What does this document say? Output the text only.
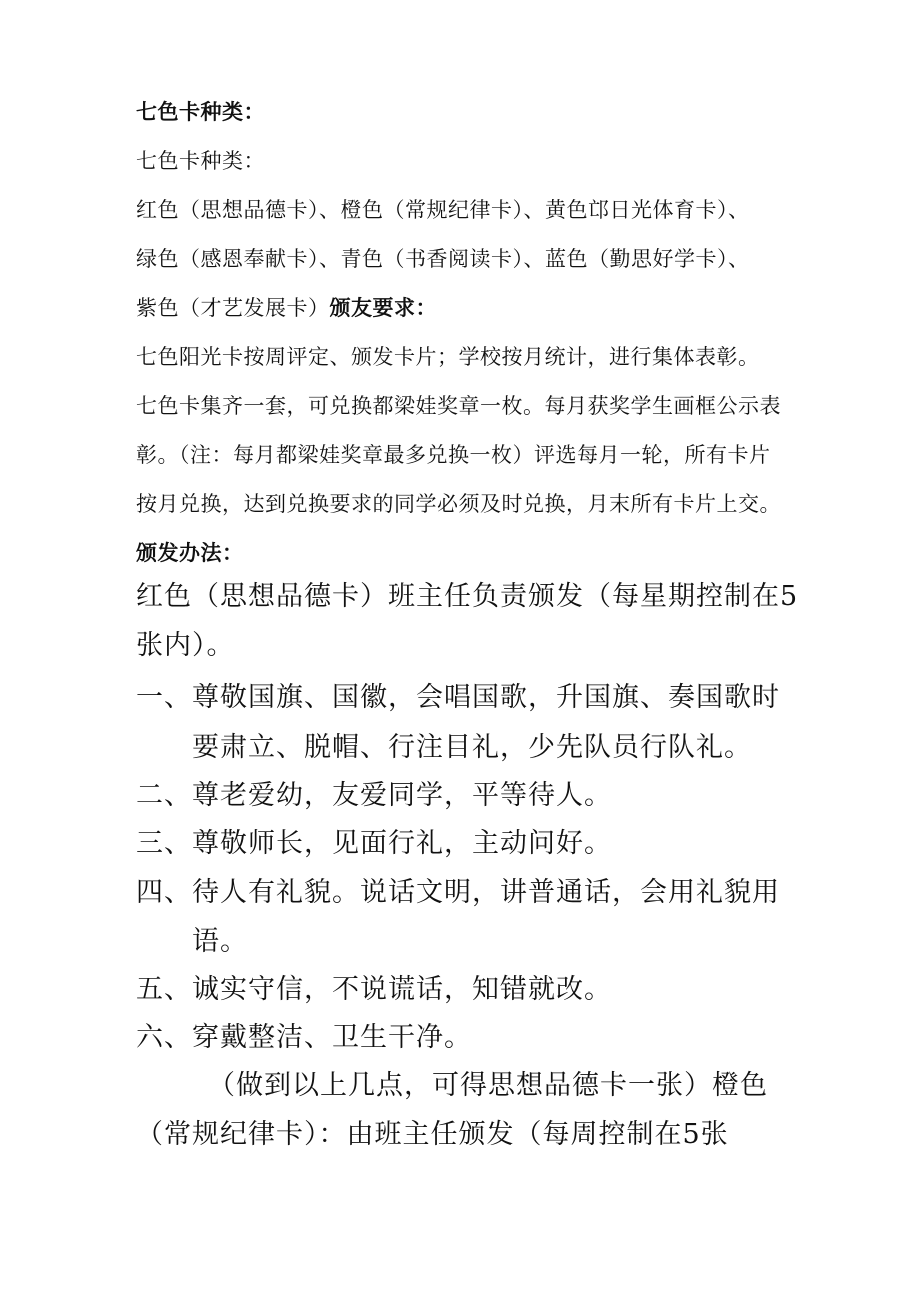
七色卡种类：
七色卡种类：
红色（思想品德卡）、橙色（常规纪律卡）、黄色邙日光体育卡）、
绿色（感恩奉献卡）、青色（书香阅读卡）、蓝色（勤思好学卡）、
紫色（才艺发展卡）颁友要求：
七色阳光卡按周评定、颁发卡片；学校按月统计，进行集体表彰。
七色卡集齐一套，可兑换都梁娃奖章一枚。每月获奖学生画框公示表
彰。（注：每月都梁娃奖章最多兑换一枚）评选每月一轮，所有卡片
按月兑换，达到兑换要求的同学必须及时兑换，月末所有卡片上交。
颁发办法：
红色（思想品德卡）班主任负责颁发（每星期控制在5
张内）。
一、尊敬国旗、国徽，会唱国歌，升国旗、奏国歌时
要肃立、脱帽、行注目礼，少先队员行队礼。
二、尊老爱幼，友爱同学，平等待人。
三、尊敬师长，见面行礼，主动问好。
四、待人有礼貌。说话文明，讲普通话，会用礼貌用
语。
五、诚实守信，不说谎话，知错就改。
六、穿戴整洁、卫生干净。
（做到以上几点，可得思想品德卡一张）橙色
（常规纪律卡）：由班主任颁发（每周控制在5张
